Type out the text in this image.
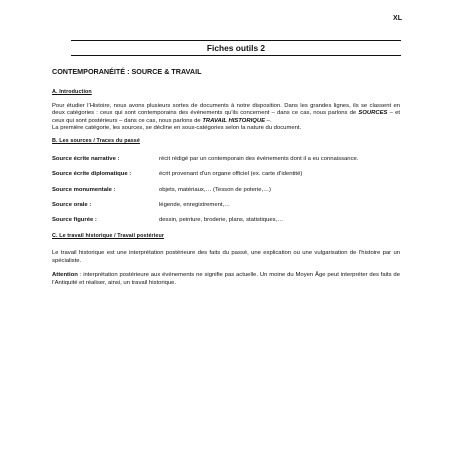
XL
Fiches outils 2
CONTEMPORANÉITÉ : SOURCE & TRAVAIL
A. Introduction
Pour étudier l’Histoire, nous avons plusieurs sortes de documents à notre disposition. Dans les grandes lignes, ils se classent en deux catégories : ceux qui sont contemporains des événements qu’ils concernent – dans ce cas, nous parlons de SOURCES – et ceux qui sont postérieurs – dans ce cas, nous parlons de TRAVAIL HISTORIQUE –.
La première catégorie, les sources, se décline en sous-catégories selon la nature du document.
B. Les sources / Traces du passé
Source écrite narrative :	récit rédigé par un contemporain des événements dont il a eu connaissance.
Source écrite diplomatique :	écrit provenant d’un organe officiel (ex. carte d’identité)
Source monumentale :	objets, matériaux,… (Tesson de poterie,…)
Source orale :	légende, enregistrement,…
Source figurée :	dessin, peinture, broderie, plans, statistiques,…
C. Le travail historique / Travail postérieur
Le travail historique est une interprétation postérieure des faits du passé, une explication ou une vulgarisation de l’histoire par un spécialiste.
Attention : interprétation postérieure aux événements ne signifie pas actuelle. Un moine du Moyen Âge peut interpréter des faits de l’Antiquité et réaliser, ainsi, un travail historique.
